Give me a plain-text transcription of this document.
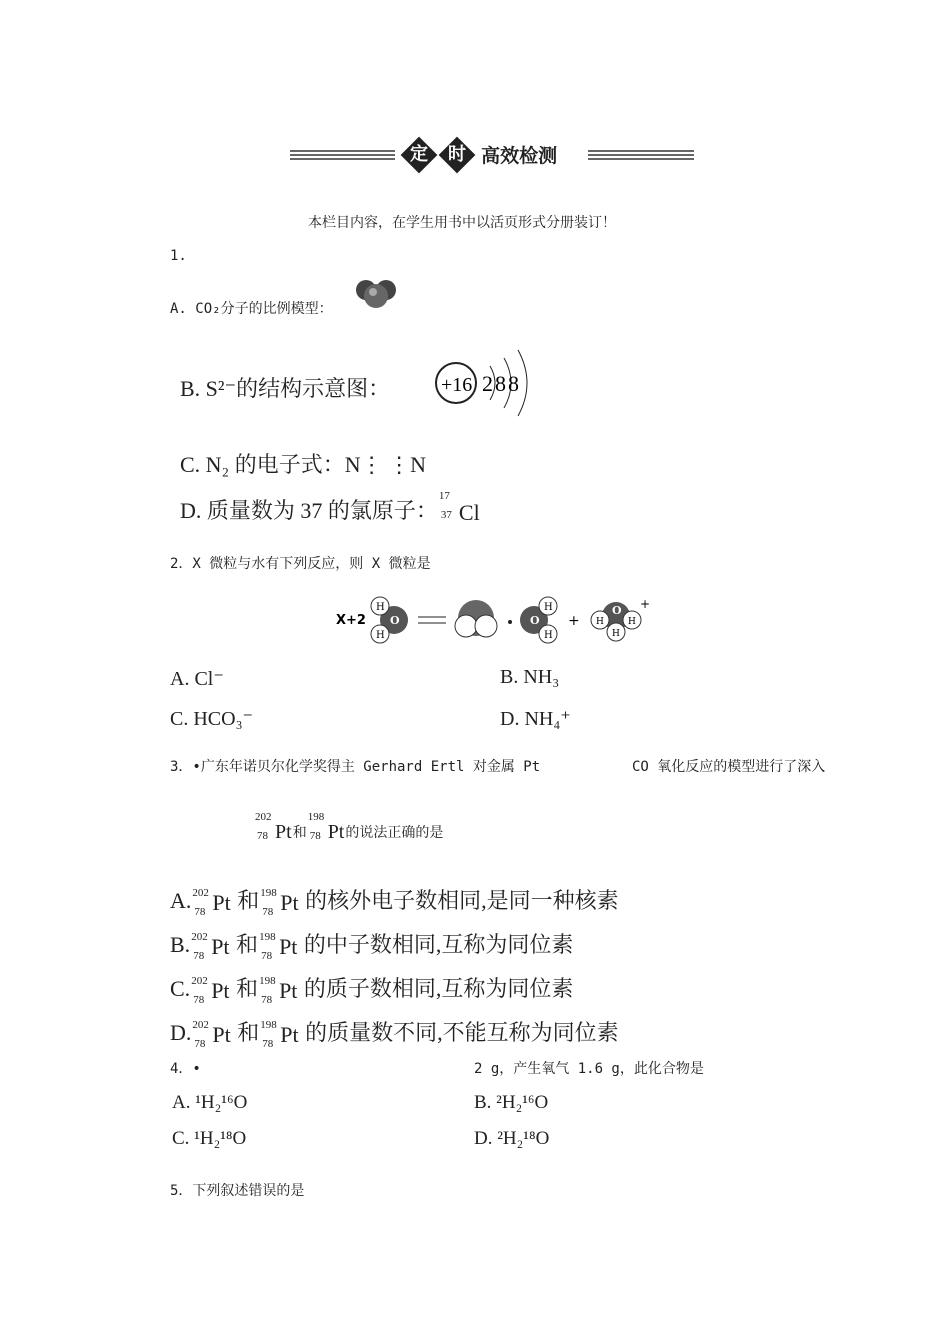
定 时 高效检测
本栏目内容，在学生用书中以活页形式分册装订！
1.
A. CO₂分子的比例模型：
B. S²⁻的结构示意图：	+16 288
C. N₂ 的电子式：N⋮ ⋮N
D. 质量数为 37 的氯原子：
17
37 Cl
2．X 微粒与水有下列反应，则 X 微粒是
X+2
H
H
O
H
H
O + H	H
H
O +
A. Cl⁻	B. NH₃
C. HCO₃⁻	D. NH₄⁺
3．•广东年诺贝尔化学奖得主 Gerhard Ertl 对金属 Pt	CO 氧化反应的模型进行了深入
202
78 Pt和
198
78 Pt的说法正确的是
A. 202
78 Pt 和 198
78 Pt 的核外电子数相同,是同一种核素
B. 202
78 Pt 和 198
78 Pt 的中子数相同,互称为同位素
C. 202
78 Pt 和 198
78 Pt 的质子数相同,互称为同位素
D. 202
78 Pt 和 198
78 Pt 的质量数不同,不能互称为同位素
4．•	2 g，产生氧气 1.6 g，此化合物是
A. ¹H₂¹⁶O	B. ²H₂¹⁶O
C. ¹H₂¹⁸O	D. ²H₂¹⁸O
5．下列叙述错误的是
